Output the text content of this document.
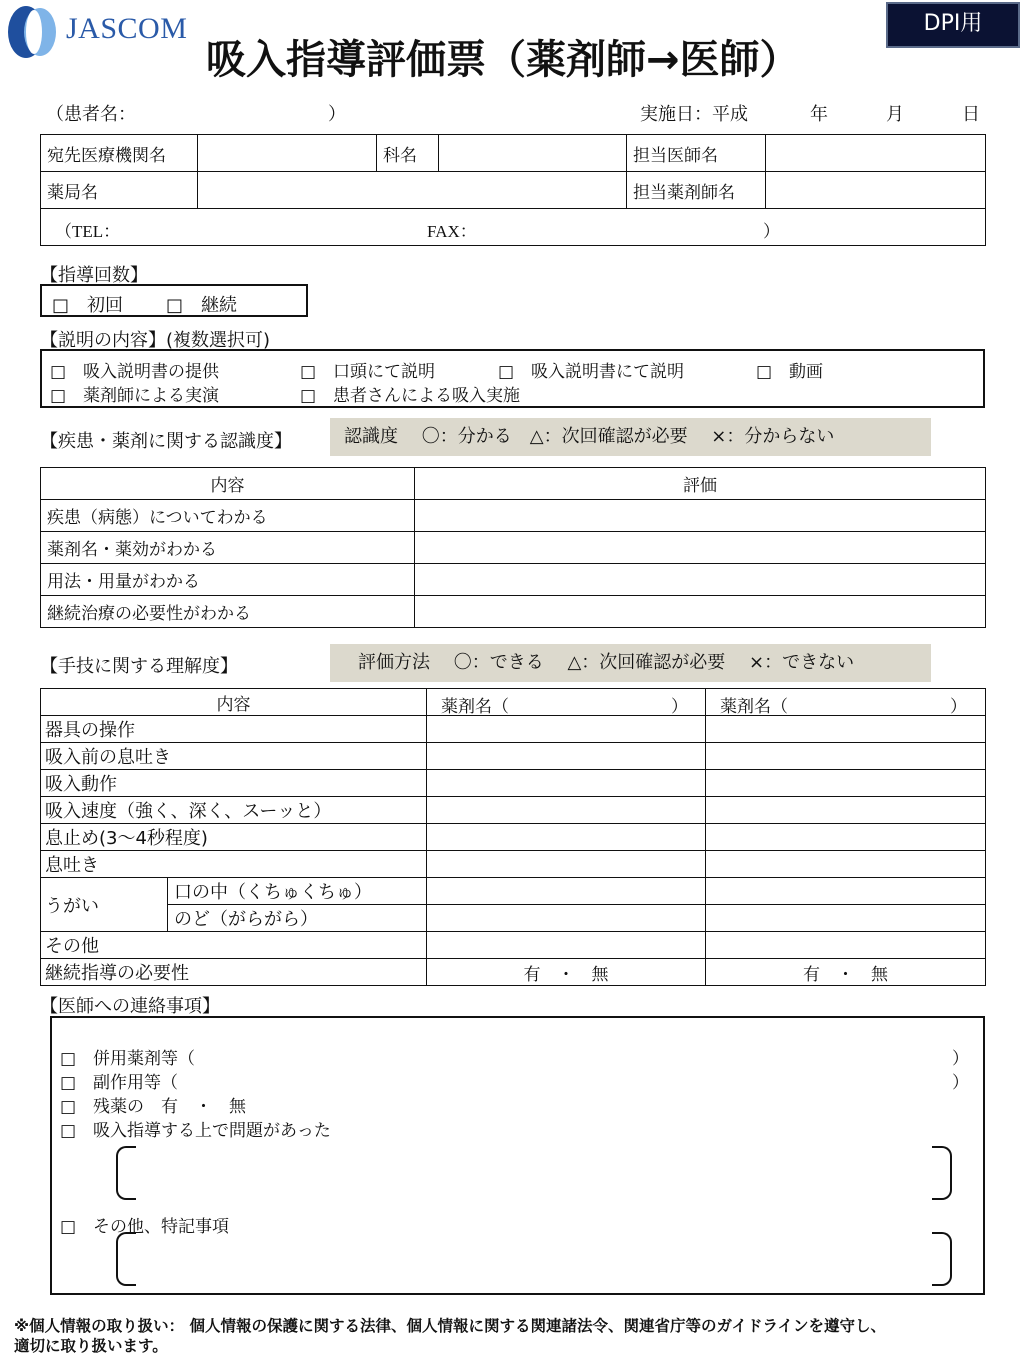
JASCOM
吸入指導評価票（薬剤師→医師）
DPI用
（患者名：	）	実施日：平成	年	月	日
宛先医療機関名		科名		担当医師名	
薬局名				担当薬剤師名	

（TEL： FAX： ）					
【指導回数】
□　初回 □　継続
【説明の内容】(複数選択可)
□　吸入説明書の提供	□　口頭にて説明	□　吸入説明書にて説明	□　動画
□　薬剤師による実演	□　患者さんによる吸入実施
【疾患・薬剤に関する認識度】	認識度　 〇：分かる　△：次回確認が必要　 ×：分からない
内容	評価
疾患（病態）についてわかる	
薬剤名・薬効がわかる	
用法・用量がわかる	
継続治療の必要性がわかる	
【手技に関する理解度】	評価方法　 〇：できる　 △：次回確認が必要　 ×：できない
内容		薬剤名（ ）	薬剤名（ ）

器具の操作			
吸入前の息吐き			
吸入動作			
吸入速度（強く、深く、スーッと）			
息止め(3～4秒程度)			
息吐き			
うがい	口の中（くちゅくちゅ）		
	のど（がらがら）		
その他			
継続指導の必要性		有　・　無	有　・　無
【医師への連絡事項】
□　併用薬剤等（	）
□　副作用等（	）
□　残薬の　有　・　無
□　吸入指導する上で問題があった
□　その他、特記事項
※個人情報の取り扱い： 個人情報の保護に関する法律、個人情報に関する関連諸法令、関連省庁等のガイドラインを遵守し、
適切に取り扱います。
